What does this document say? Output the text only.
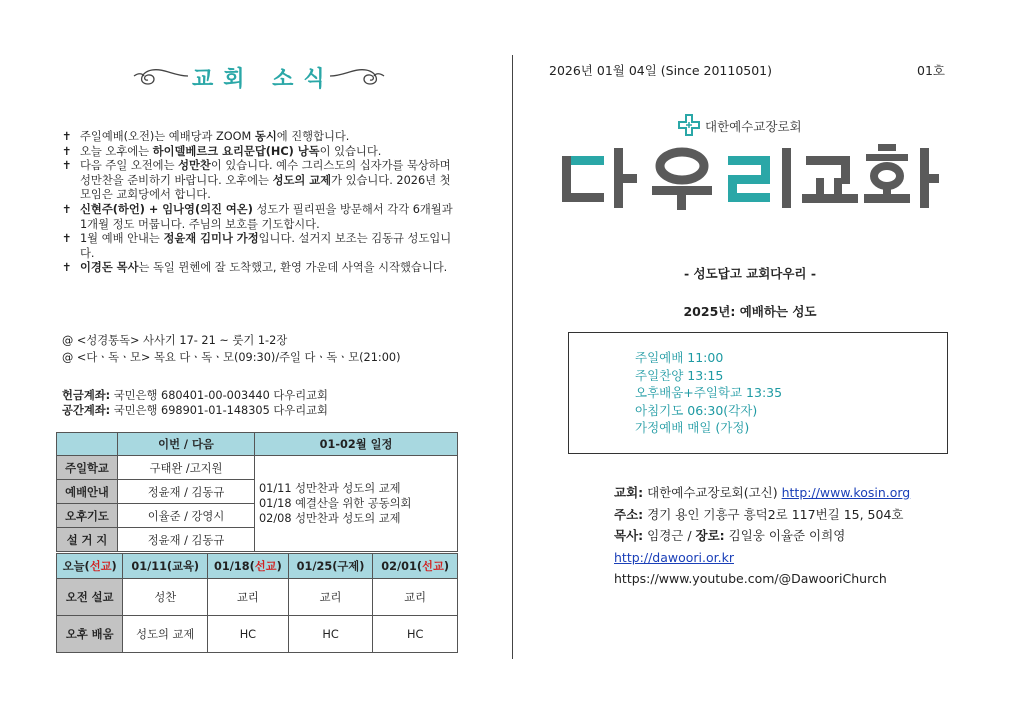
교회 소식
✝ 주일예배(오전)는 예배당과 ZOOM 동시에 진행합니다.
✝ 오늘 오후에는 하이델베르크 요리문답(HC) 낭독이 있습니다.
✝ 다음 주일 오전에는 성만찬이 있습니다. 예수 그리스도의 십자가를 묵상하며 성만찬을 준비하기 바랍니다. 오후에는 성도의 교제가 있습니다. 2026년 첫 모임은 교회당에서 합니다.
✝ 신현주(하언) + 임나영(의진 여온) 성도가 필리핀을 방문해서 각각 6개월과 1개월 정도 머뭅니다. 주님의 보호를 기도합시다.
✝ 1월 예배 안내는 정윤재 김미나 가정입니다. 설거지 보조는 김동규 성도입니다.
✝ 이경돈 목사는 독일 뮌헨에 잘 도착했고, 환영 가운데 사역을 시작했습니다.
@ <성경통독> 사사기 17- 21 ~ 룻기 1-2장
@ <다ㆍ독ㆍ모> 목요 다ㆍ독ㆍ모(09:30)/주일 다ㆍ독ㆍ모(21:00)
헌금계좌: 국민은행 680401-00-003440 다우리교회
공간계좌: 국민은행 698901-01-148305 다우리교회
	이번 / 다음	01-02월 일정
주일학교	구태완 /고지원	01/11 성만찬과 성도의 교제
01/18 예결산을 위한 공동의회
02/08 성만찬과 성도의 교제

예배안내	정윤재 / 김동규	
오후기도	이율준 / 강영시	
설 거 지	정윤재 / 김동규	
오늘(선교)	01/11(교육)	01/18(선교)	01/25(구제)	02/01(선교)
오전 설교	성찬	교리	교리	교리
오후 배움	성도의 교제	HC	HC	HC
2026년 01월 04일 (Since 20110501)	01호
대한예수교장로회
- 성도답고 교회다우리 -
2025년: 예배하는 성도
주일예배 11:00
주일찬양 13:15
오후배움+주일학교 13:35
아침기도 06:30(각자)
가정예배 매일 (가정)
교회: 대한예수교장로회(고신) http://www.kosin.org
주소: 경기 용인 기흥구 흥덕2로 117번길 15, 504호
목사: 임경근 / 장로: 김일웅 이율준 이희영
http://dawoori.or.kr
https://www.youtube.com/@DawooriChurch
